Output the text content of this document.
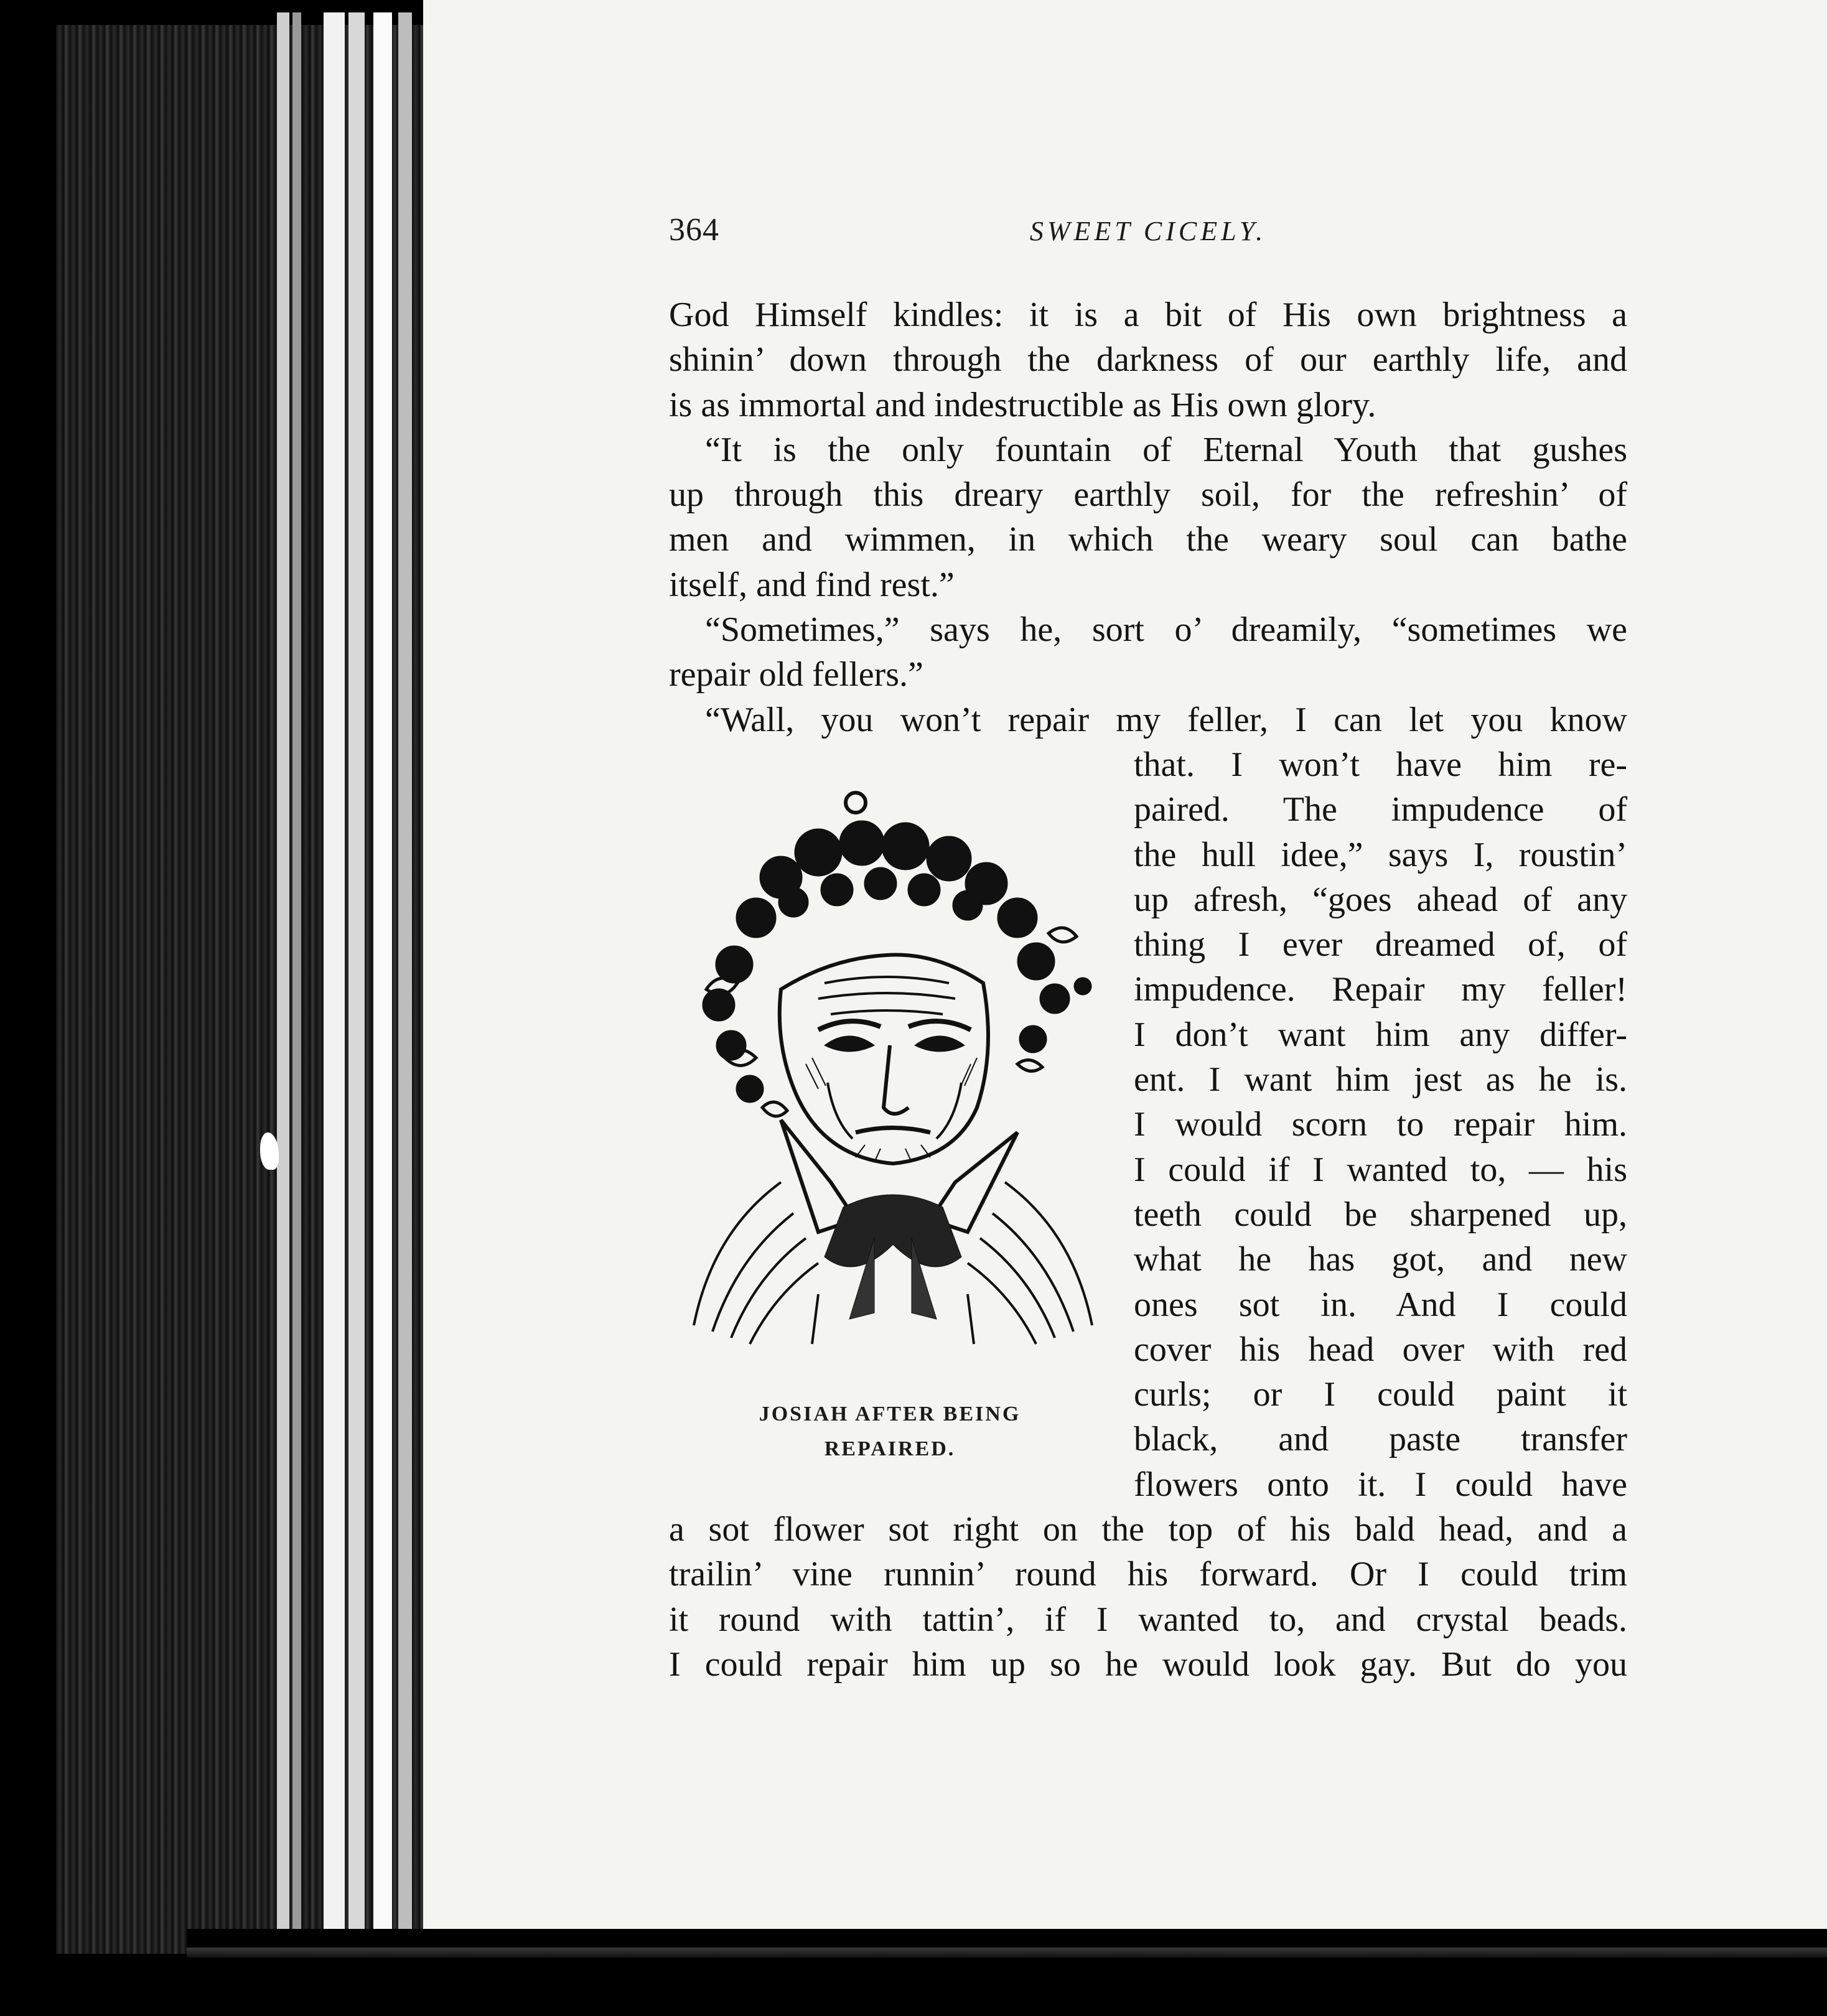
364	SWEET CICELY.
God Himself kindles: it is a bit of His own brightness a
shinin’ down through the darkness of our earthly life, and
is as immortal and indestructible as His own glory.
“It is the only fountain of Eternal Youth that gushes
up through this dreary earthly soil, for the refreshin’ of
men and wimmen, in which the weary soul can bathe
itself, and find rest.”
“Sometimes,” says he, sort o’ dreamily, “sometimes we
repair old fellers.”
“Wall, you won’t repair my feller, I can let you know
that. I won’t have him re-
paired. The impudence of
the hull idee,” says I, roustin’
up afresh, “goes ahead of any
thing I ever dreamed of, of
impudence. Repair my feller!
I don’t want him any differ-
ent. I want him jest as he is.
I would scorn to repair him.
I could if I wanted to, — his
teeth could be sharpened up,
what he has got, and new
ones sot in. And I could
cover his head over with red
curls; or I could paint it
black, and paste transfer
flowers onto it. I could have
a sot flower sot right on the top of his bald head, and a
trailin’ vine runnin’ round his forward. Or I could trim
it round with tattin’, if I wanted to, and crystal beads.
I could repair him up so he would look gay. But do you
JOSIAH AFTER BEING
REPAIRED.
